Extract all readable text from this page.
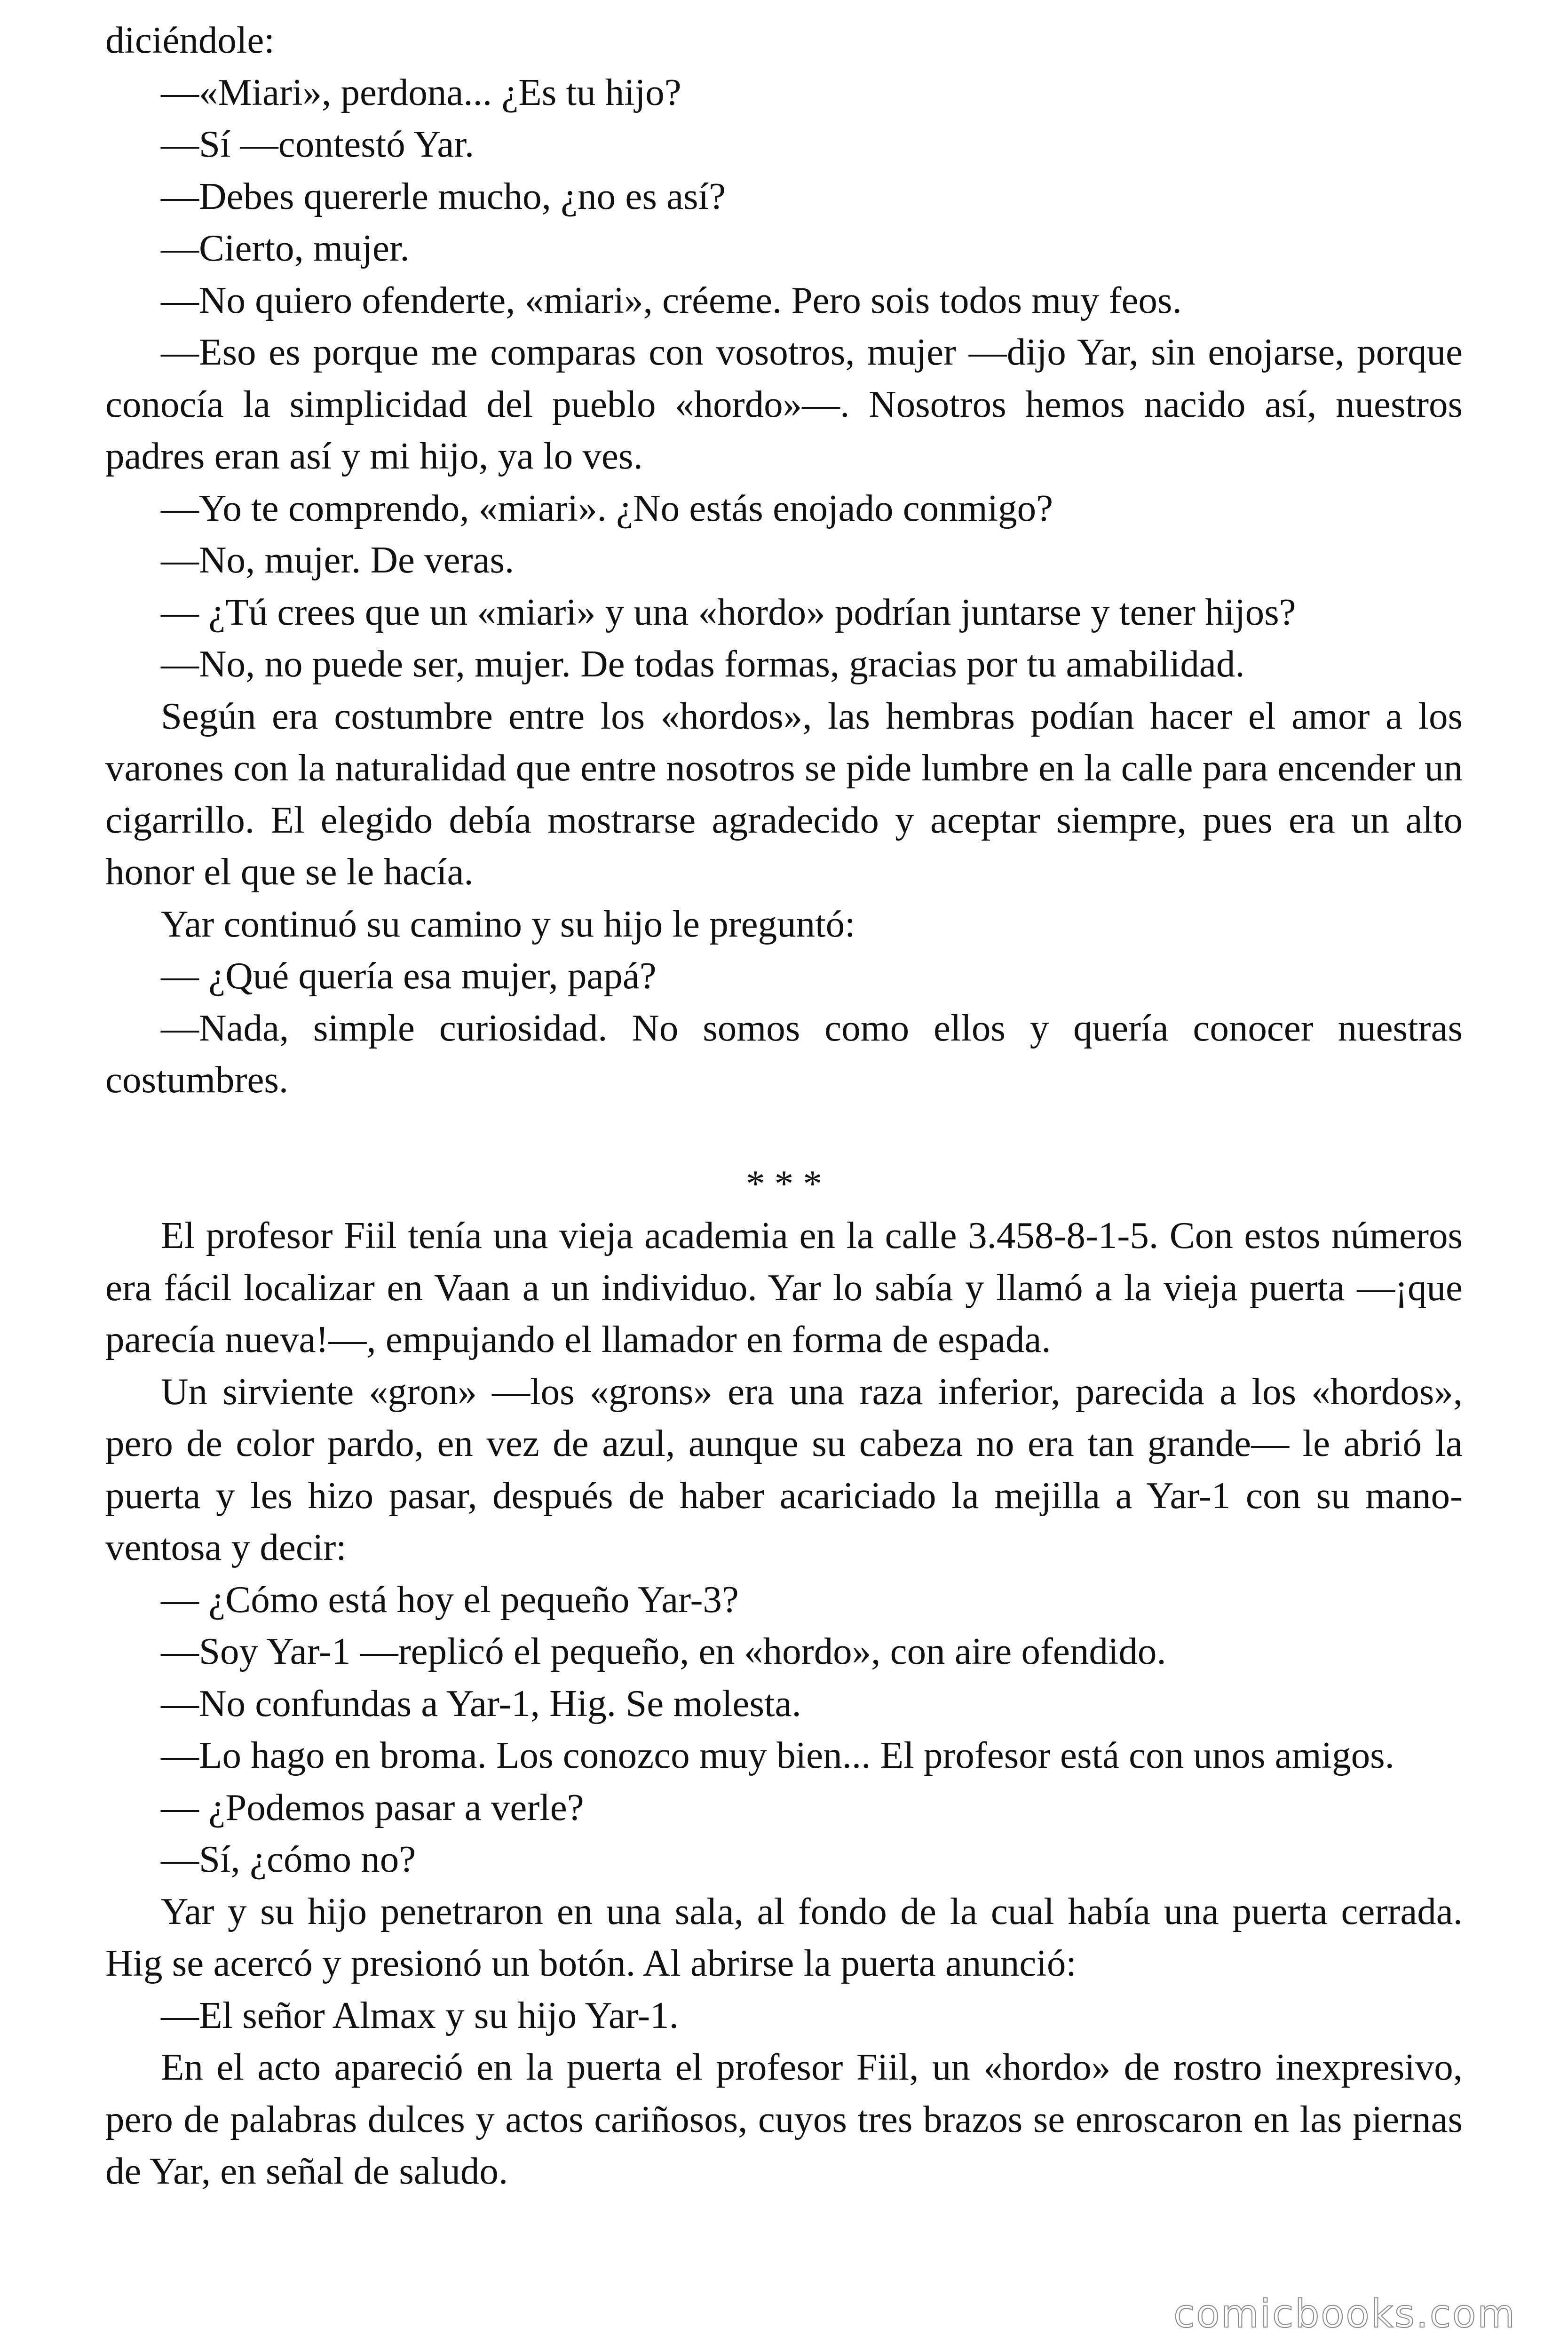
diciéndole:

—«Miari», perdona... ¿Es tu hijo?

—Sí —contestó Yar.

—Debes quererle mucho, ¿no es así?

—Cierto, mujer.

—No quiero ofenderte, «miari», créeme. Pero sois todos muy feos.

—Eso es porque me comparas con vosotros, mujer —dijo Yar, sin enojarse, porque conocía la simplicidad del pueblo «hordo»—. Nosotros hemos nacido así, nuestros padres eran así y mi hijo, ya lo ves.

—Yo te comprendo, «miari». ¿No estás enojado conmigo?

—No, mujer. De veras.

— ¿Tú crees que un «miari» y una «hordo» podrían juntarse y tener hijos?

—No, no puede ser, mujer. De todas formas, gracias por tu amabilidad.

Según era costumbre entre los «hordos», las hembras podían hacer el amor a los varones con la naturalidad que entre nosotros se pide lumbre en la calle para encender un cigarrillo. El elegido debía mostrarse agradecido y aceptar siempre, pues era un alto honor el que se le hacía.

Yar continuó su camino y su hijo le preguntó:

— ¿Qué quería esa mujer, papá?

—Nada, simple curiosidad. No somos como ellos y quería conocer nuestras costumbres.

* * *

El profesor Fiil tenía una vieja academia en la calle 3.458-8-1-5. Con estos números era fácil localizar en Vaan a un individuo. Yar lo sabía y llamó a la vieja puerta —¡que parecía nueva!—, empujando el llamador en forma de espada.

Un sirviente «gron» —los «grons» era una raza inferior, parecida a los «hordos», pero de color pardo, en vez de azul, aunque su cabeza no era tan grande— le abrió la puerta y les hizo pasar, después de haber acariciado la mejilla a Yar-1 con su mano-ventosa y decir:

— ¿Cómo está hoy el pequeño Yar-3?

—Soy Yar-1 —replicó el pequeño, en «hordo», con aire ofendido.

—No confundas a Yar-1, Hig. Se molesta.

—Lo hago en broma. Los conozco muy bien... El profesor está con unos amigos.

— ¿Podemos pasar a verle?

—Sí, ¿cómo no?

Yar y su hijo penetraron en una sala, al fondo de la cual había una puerta cerrada. Hig se acercó y presionó un botón. Al abrirse la puerta anunció:

—El señor Almax y su hijo Yar-1.

En el acto apareció en la puerta el profesor Fiil, un «hordo» de rostro inexpresivo, pero de palabras dulces y actos cariñosos, cuyos tres brazos se enroscaron en las piernas de Yar, en señal de saludo.

comicbooks.com
